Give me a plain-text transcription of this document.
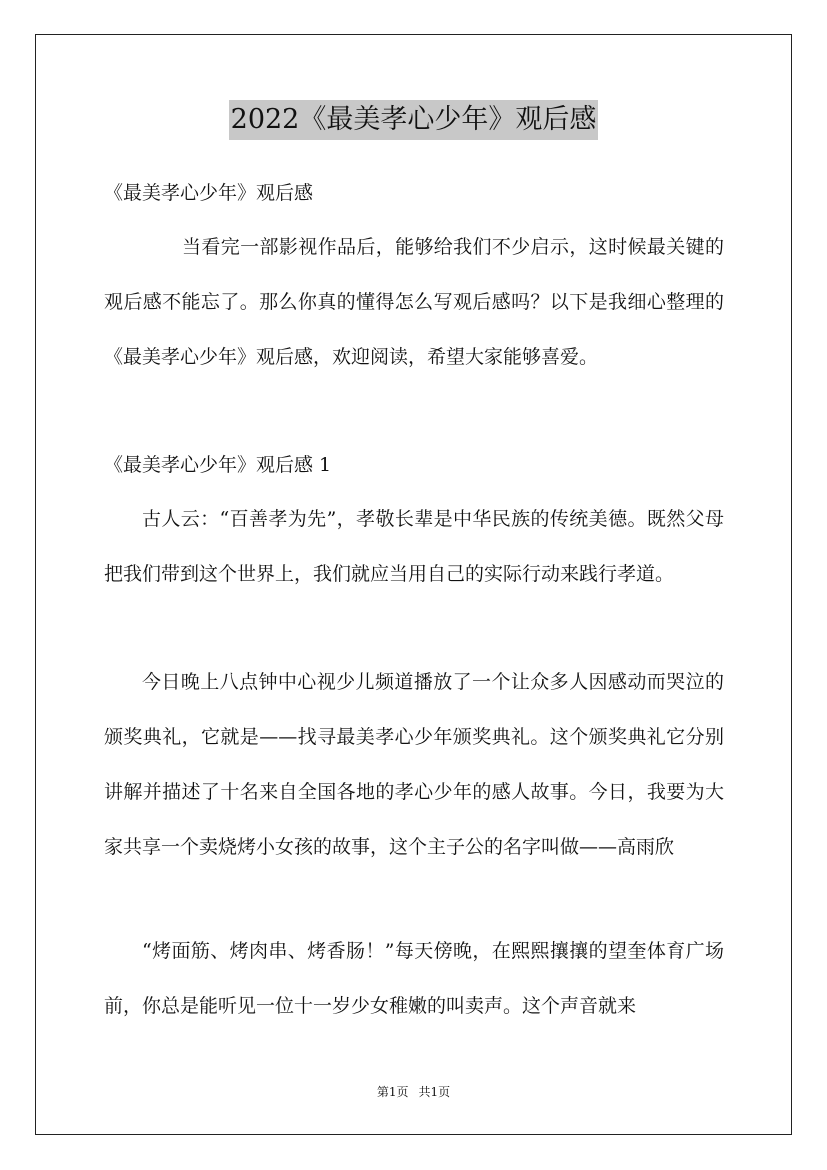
2022《最美孝心少年》观后感

《最美孝心少年》观后感

当看完一部影视作品后，能够给我们不少启示，这时候最关键的观后感不能忘了。那么你真的懂得怎么写观后感吗？以下是我细心整理的《最美孝心少年》观后感，欢迎阅读，希望大家能够喜爱。

《最美孝心少年》观后感 1

古人云：“百善孝为先”，孝敬长辈是中华民族的传统美德。既然父母把我们带到这个世界上，我们就应当用自己的实际行动来践行孝道。

今日晚上八点钟中心视少儿频道播放了一个让众多人因感动而哭泣的颁奖典礼，它就是——找寻最美孝心少年颁奖典礼。这个颁奖典礼它分别讲解并描述了十名来自全国各地的孝心少年的感人故事。今日，我要为大家共享一个卖烧烤小女孩的故事，这个主子公的名字叫做——高雨欣

“烤面筋、烤肉串、烤香肠！”每天傍晚，在熙熙攘攘的望奎体育广场前，你总是能听见一位十一岁少女稚嫩的叫卖声。这个声音就来

第1页 共1页
